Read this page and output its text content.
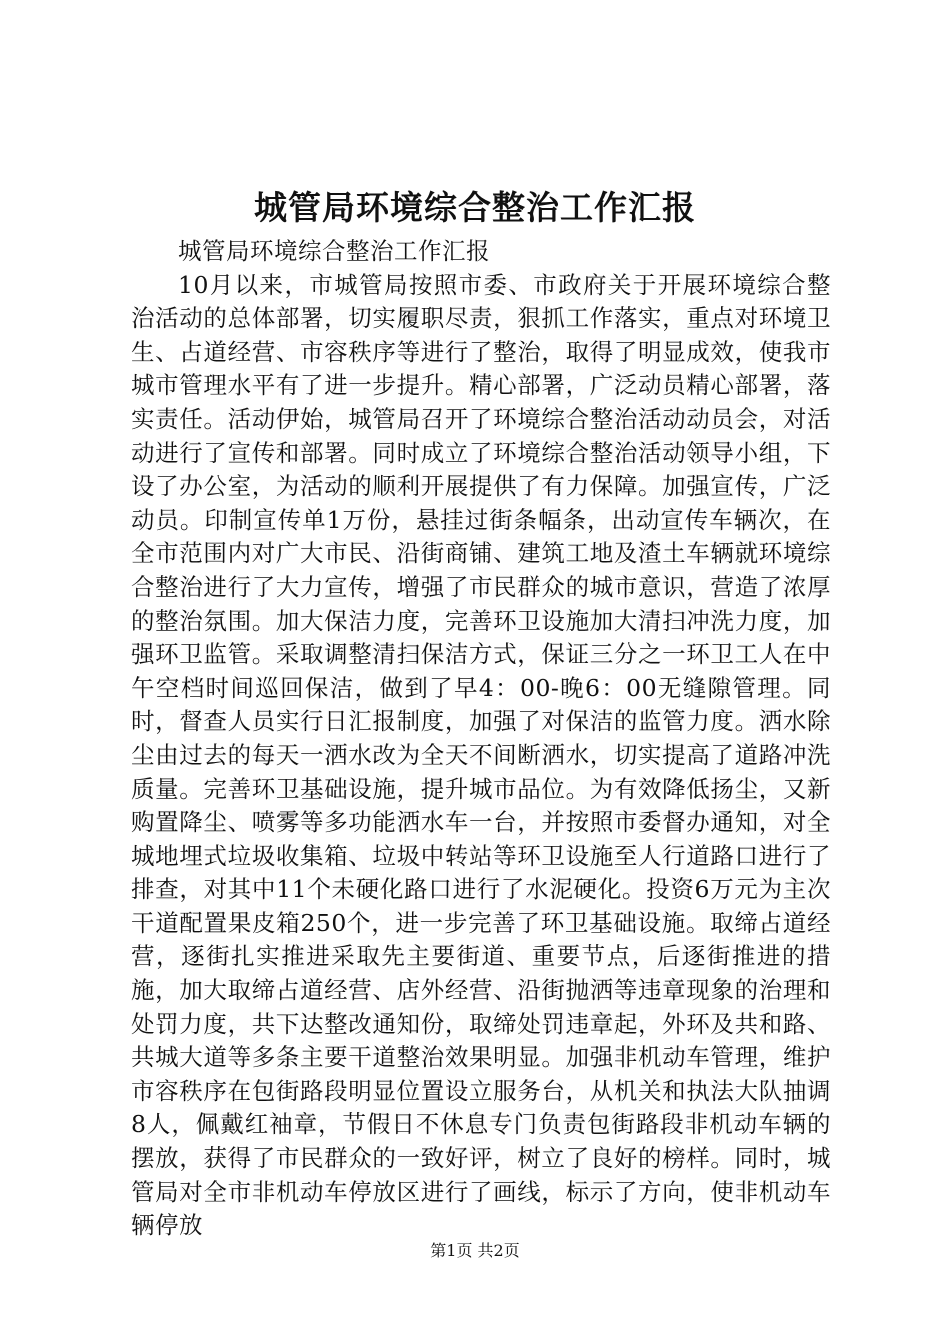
城管局环境综合整治工作汇报

城管局环境综合整治工作汇报

10月以来，市城管局按照市委、市政府关于开展环境综合整治活动的总体部署，切实履职尽责，狠抓工作落实，重点对环境卫生、占道经营、市容秩序等进行了整治，取得了明显成效，使我市城市管理水平有了进一步提升。精心部署，广泛动员精心部署，落实责任。活动伊始，城管局召开了环境综合整治活动动员会，对活动进行了宣传和部署。同时成立了环境综合整治活动领导小组，下设了办公室，为活动的顺利开展提供了有力保障。加强宣传，广泛动员。印制宣传单1万份，悬挂过街条幅条，出动宣传车辆次，在全市范围内对广大市民、沿街商铺、建筑工地及渣土车辆就环境综合整治进行了大力宣传，增强了市民群众的城市意识，营造了浓厚的整治氛围。加大保洁力度，完善环卫设施加大清扫冲洗力度，加强环卫监管。采取调整清扫保洁方式，保证三分之一环卫工人在中午空档时间巡回保洁，做到了早4：00-晚6：00无缝隙管理。同时，督查人员实行日汇报制度，加强了对保洁的监管力度。洒水除尘由过去的每天一洒水改为全天不间断洒水，切实提高了道路冲洗质量。完善环卫基础设施，提升城市品位。为有效降低扬尘，又新购置降尘、喷雾等多功能洒水车一台，并按照市委督办通知，对全城地埋式垃圾收集箱、垃圾中转站等环卫设施至人行道路口进行了排查，对其中11个未硬化路口进行了水泥硬化。投资6万元为主次干道配置果皮箱250个，进一步完善了环卫基础设施。取缔占道经营，逐街扎实推进采取先主要街道、重要节点，后逐街推进的措施，加大取缔占道经营、店外经营、沿街抛洒等违章现象的治理和处罚力度，共下达整改通知份，取缔处罚违章起，外环及共和路、共城大道等多条主要干道整治效果明显。加强非机动车管理，维护市容秩序在包街路段明显位置设立服务台，从机关和执法大队抽调8人，佩戴红袖章，节假日不休息专门负责包街路段非机动车辆的摆放，获得了市民群众的一致好评，树立了良好的榜样。同时，城管局对全市非机动车停放区进行了画线，标示了方向，使非机动车辆停放

第1页 共2页
